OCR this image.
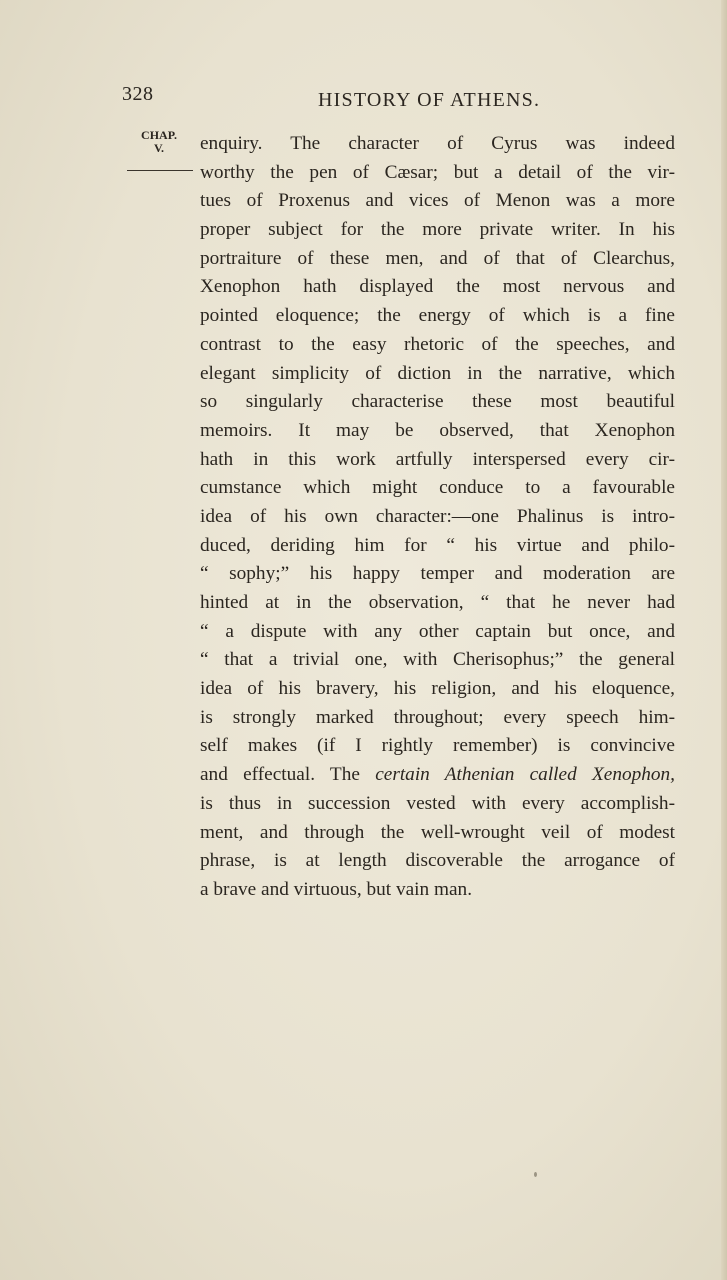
328	HISTORY OF ATHENS.
CHAP.
V.	enquiry. The character of Cyrus was indeed
worthy the pen of Cæsar; but a detail of the vir-
tues of Proxenus and vices of Menon was a more
proper subject for the more private writer. In his
portraiture of these men, and of that of Clearchus,
Xenophon hath displayed the most nervous and
pointed eloquence; the energy of which is a fine
contrast to the easy rhetoric of the speeches, and
elegant simplicity of diction in the narrative, which
so singularly characterise these most beautiful
memoirs. It may be observed, that Xenophon
hath in this work artfully interspersed every cir-
cumstance which might conduce to a favourable
idea of his own character:—one Phalinus is intro-
duced, deriding him for “ his virtue and philo-
“ sophy;” his happy temper and moderation are
hinted at in the observation, “ that he never had
“ a dispute with any other captain but once, and
“ that a trivial one, with Cherisophus;” the general
idea of his bravery, his religion, and his eloquence,
is strongly marked throughout; every speech him-
self makes (if I rightly remember) is convincive
and effectual. The certain Athenian called Xenophon,
is thus in succession vested with every accomplish-
ment, and through the well-wrought veil of modest
phrase, is at length discoverable the arrogance of
a brave and virtuous, but vain man.
